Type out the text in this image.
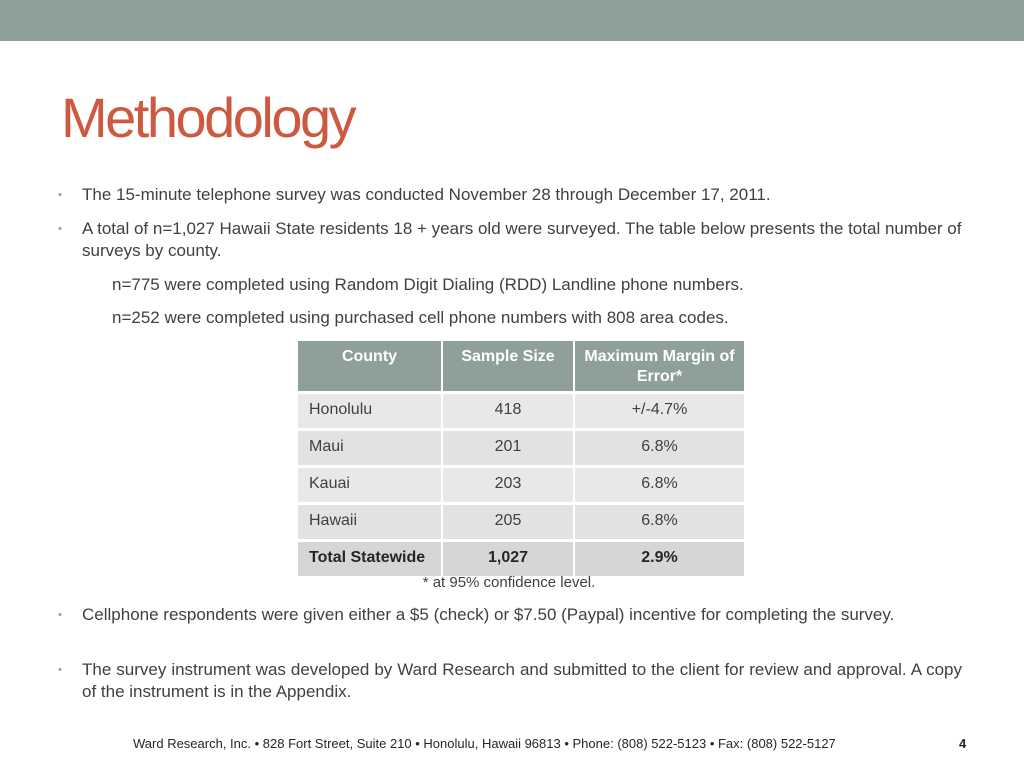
Methodology

• The 15-minute telephone survey was conducted November 28 through December 17, 2011.

• A total of n=1,027 Hawaii State residents 18 + years old were surveyed. The table below presents the total number of surveys by county.

n=775 were completed using Random Digit Dialing (RDD) Landline phone numbers.

n=252 were completed using purchased cell phone numbers with 808 area codes.

County	Sample Size	Maximum Margin of Error*
Honolulu	418	+/-4.7%
Maui	201	6.8%
Kauai	203	6.8%
Hawaii	205	6.8%
Total Statewide	1,027	2.9%
* at 95% confidence level.

• Cellphone respondents were given either a $5 (check) or $7.50 (Paypal) incentive for completing the survey.

• The survey instrument was developed by Ward Research and submitted to the client for review and approval. A copy of the instrument is in the Appendix.

Ward Research, Inc. • 828 Fort Street, Suite 210 • Honolulu, Hawaii 96813 • Phone: (808) 522-5123 • Fax: (808) 522-5127	4
